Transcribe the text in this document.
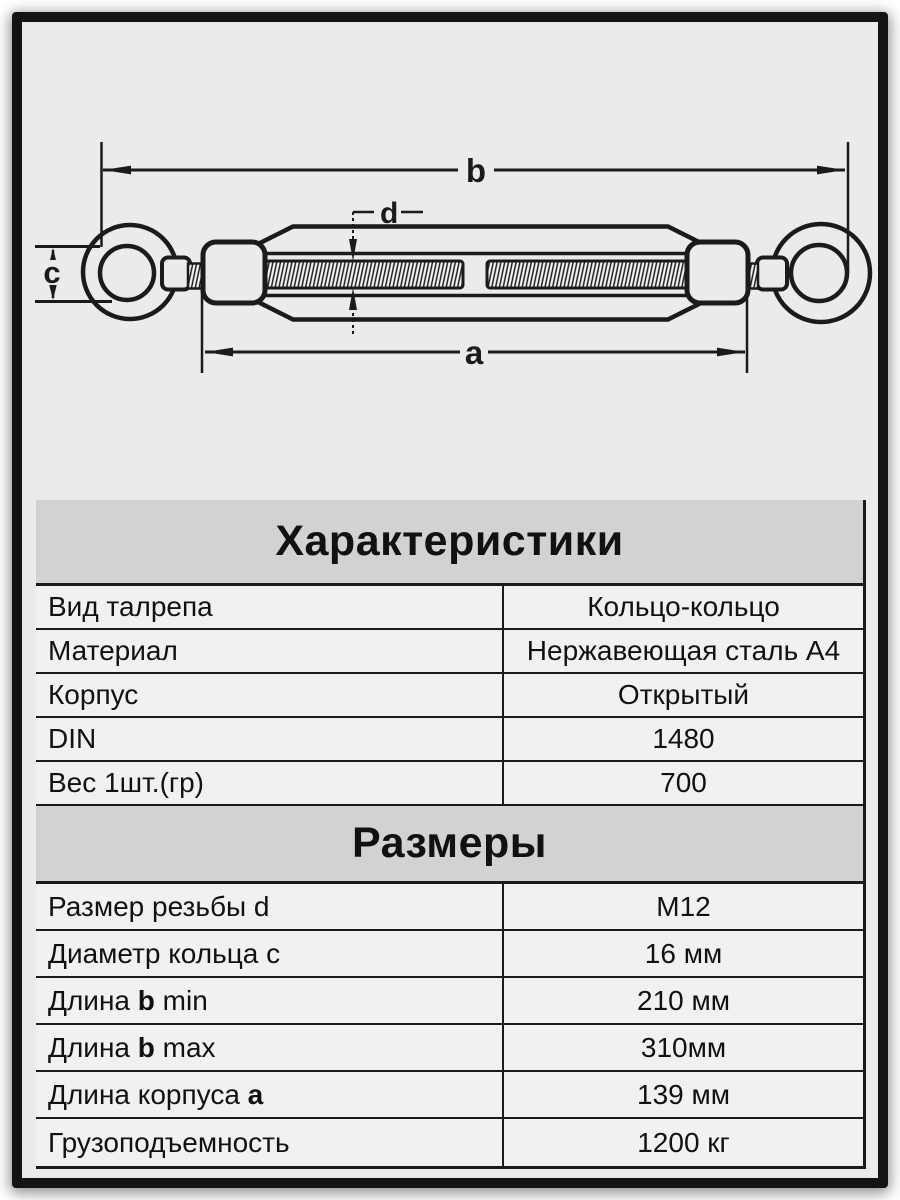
b
a
c
d
Характеристики
Вид талрепа	Кольцо-кольцо
Материал	Нержавеющая сталь А4
Корпус	Открытый
DIN	1480
Вес 1шт.(гр)	700
Размеры
Размер резьбы d	М12
Диаметр кольца c	16 мм
Длина b min	210 мм
Длина b max	310мм
Длина корпуса a	139 мм
Грузоподъемность	1200 кг
